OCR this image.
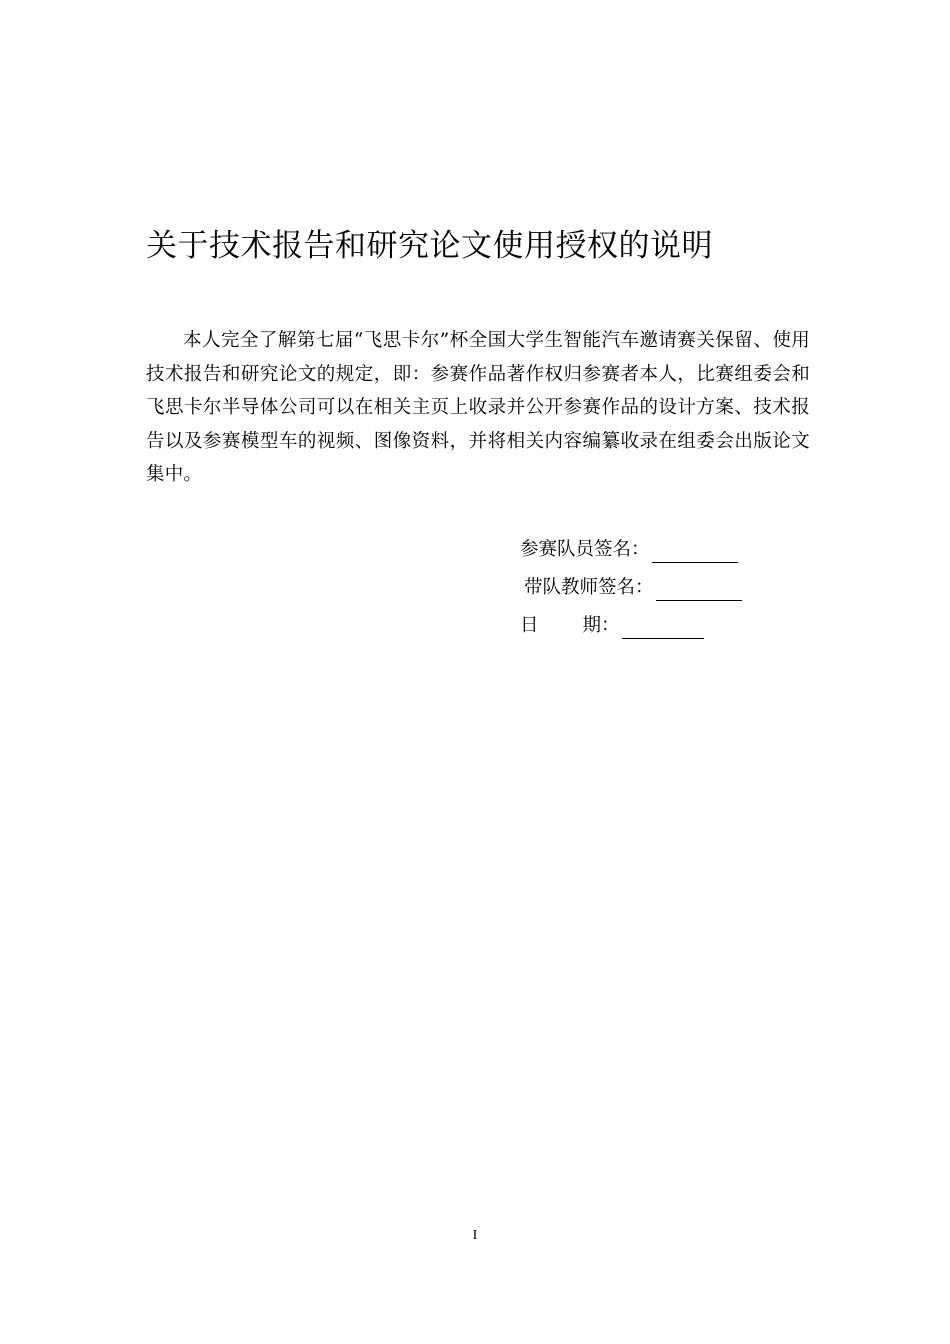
关于技术报告和研究论文使用授权的说明

本人完全了解第七届“飞思卡尔”杯全国大学生智能汽车邀请赛关保留、使用技术报告和研究论文的规定，即：参赛作品著作权归参赛者本人，比赛组委会和飞思卡尔半导体公司可以在相关主页上收录并公开参赛作品的设计方案、技术报告以及参赛模型车的视频、图像资料，并将相关内容编纂收录在组委会出版论文集中。

参赛队员签名：
带队教师签名：
日 期：
I
